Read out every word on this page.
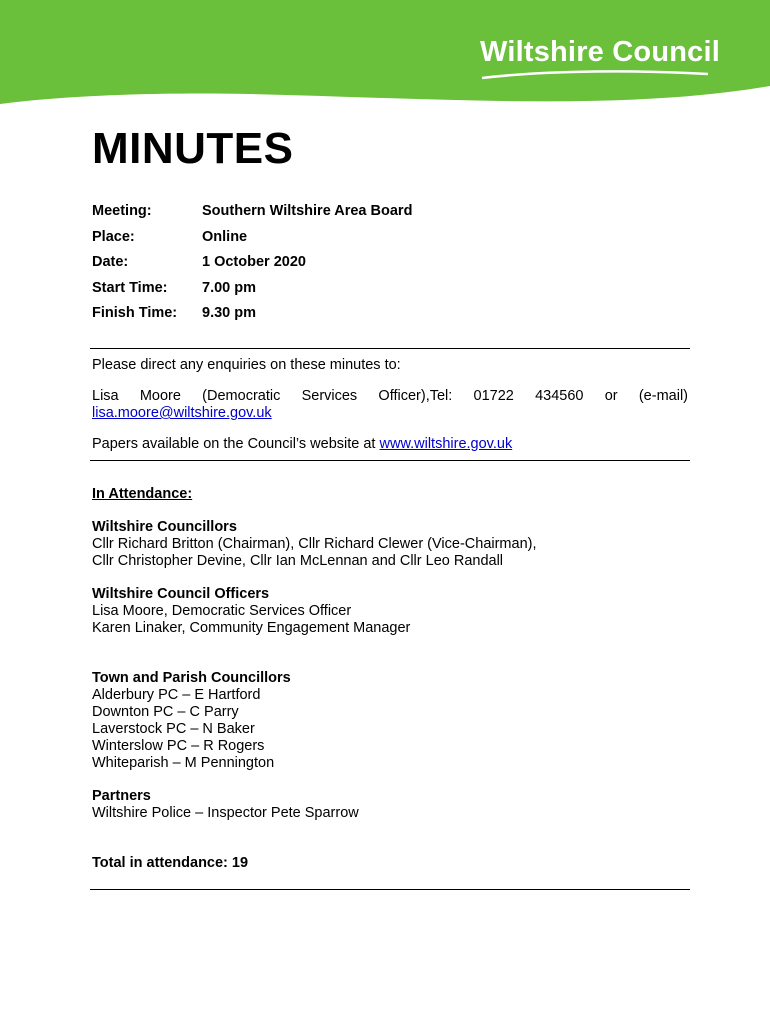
Wiltshire Council
MINUTES
Meeting:	Southern Wiltshire Area Board
Place:	Online
Date:	1 October 2020
Start Time:	7.00 pm
Finish Time:	9.30 pm
Please direct any enquiries on these minutes to:
Lisa Moore (Democratic Services Officer),Tel: 01722 434560 or (e-mail)
lisa.moore@wiltshire.gov.uk
Papers available on the Council’s website at www.wiltshire.gov.uk
In Attendance:
Wiltshire Councillors
Cllr Richard Britton (Chairman), Cllr Richard Clewer (Vice-Chairman),
Cllr Christopher Devine, Cllr Ian McLennan and Cllr Leo Randall
Wiltshire Council Officers
Lisa Moore, Democratic Services Officer
Karen Linaker, Community Engagement Manager
Town and Parish Councillors
Alderbury PC – E Hartford
Downton PC – C Parry
Laverstock PC – N Baker
Winterslow PC – R Rogers
Whiteparish – M Pennington
Partners
Wiltshire Police – Inspector Pete Sparrow
Total in attendance: 19
